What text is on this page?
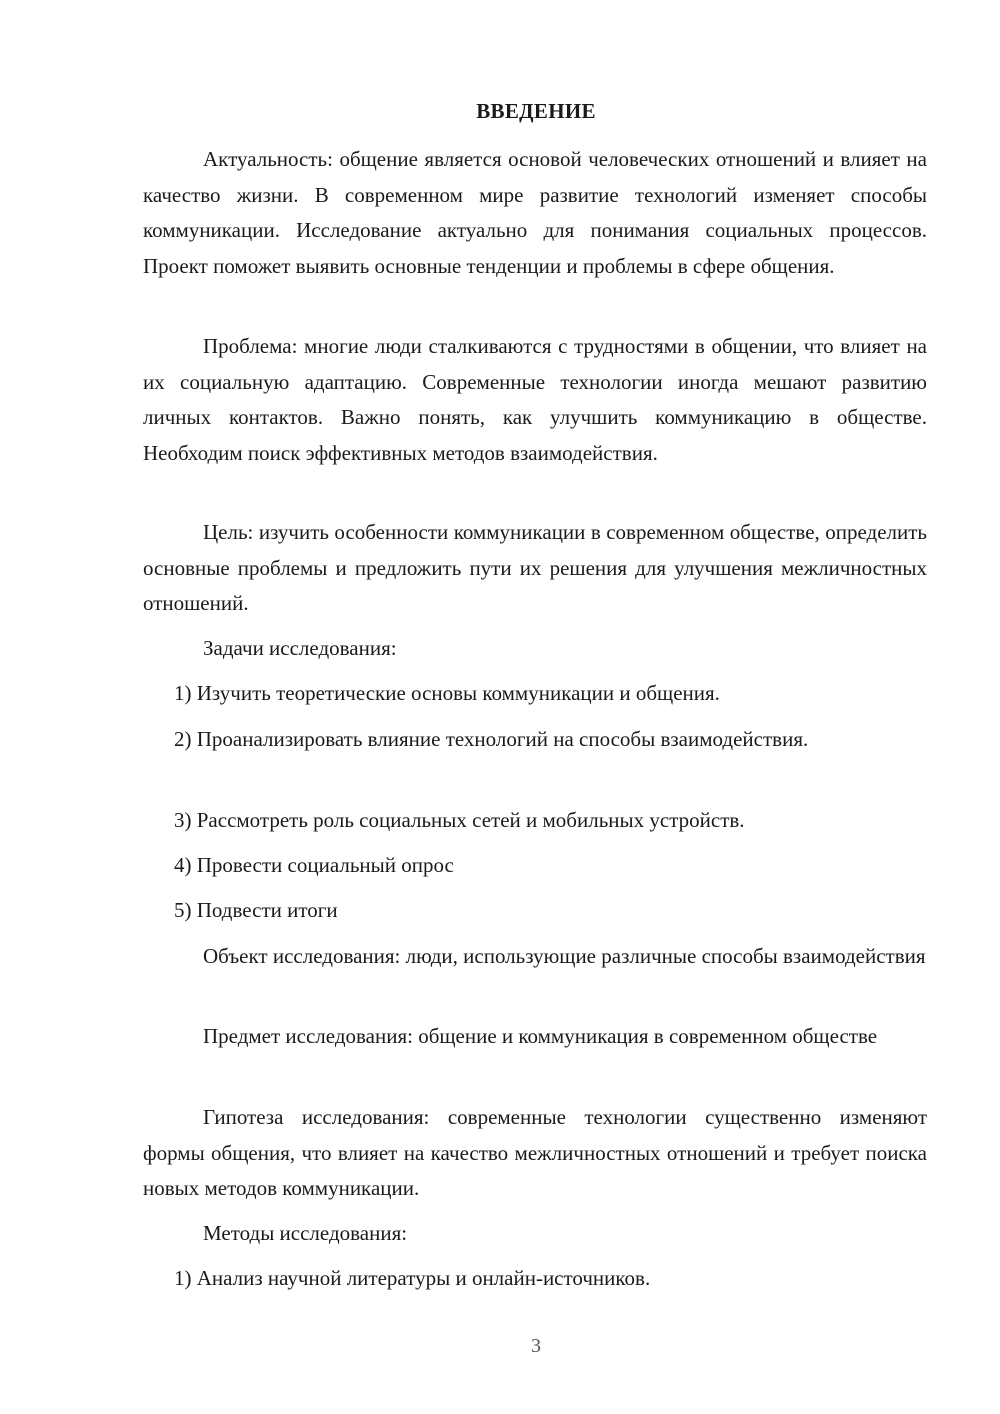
ВВЕДЕНИЕ

Актуальность: общение является основой человеческих отношений и влияет на качество жизни. В современном мире развитие технологий изменяет способы коммуникации. Исследование актуально для понимания социальных процессов. Проект поможет выявить основные тенденции и проблемы в сфере общения.

Проблема: многие люди сталкиваются с трудностями в общении, что влияет на их социальную адаптацию. Современные технологии иногда мешают развитию личных контактов. Важно понять, как улучшить коммуникацию в обществе. Необходим поиск эффективных методов взаимодействия.

Цель: изучить особенности коммуникации в современном обществе, определить основные проблемы и предложить пути их решения для улучшения межличностных отношений.

Задачи исследования:

1) Изучить теоретические основы коммуникации и общения.

2) Проанализировать влияние технологий на способы взаимодействия.

3) Рассмотреть роль социальных сетей и мобильных устройств.

4) Провести социальный опрос

5) Подвести итоги

Объект исследования: люди, использующие различные способы взаимодействия

Предмет исследования: общение и коммуникация в современном обществе

Гипотеза исследования: современные технологии существенно изменяют формы общения, что влияет на качество межличностных отношений и требует поиска новых методов коммуникации.

Методы исследования:

1) Анализ научной литературы и онлайн-источников.

3
